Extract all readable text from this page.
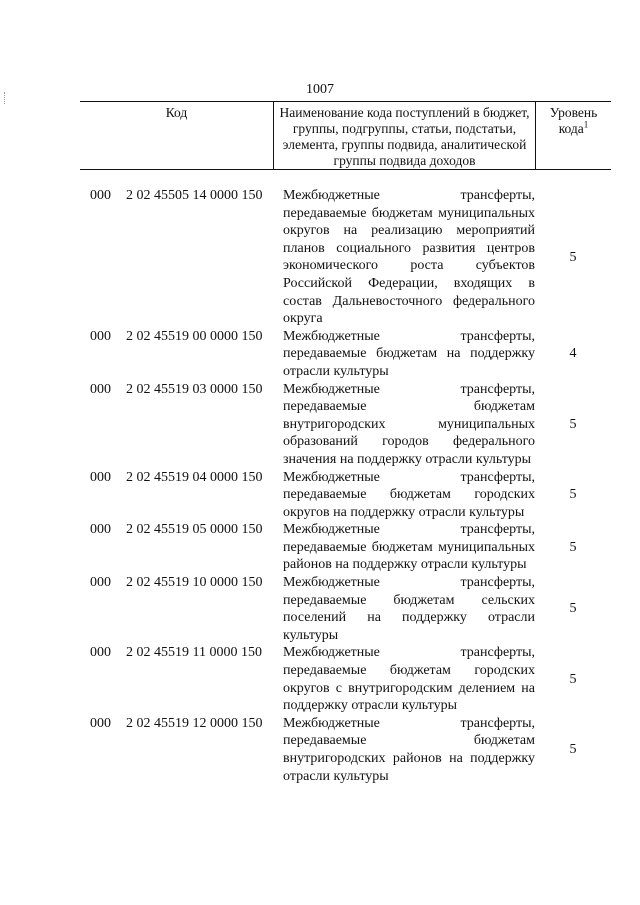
1007
Код	Наименование кода поступлений в бюджет, группы, подгруппы, статьи, подстатьи, элемента, группы подвида, аналитической группы подвида доходов
Уровень кода$^1$
000	2 02 45505 14 0000 150	Межбюджетные трансферты, передаваемые бюджетам муниципальных округов на реализацию мероприятий планов социального развития центров экономического роста субъектов Российской Федерации, входящих в состав Дальневосточного федерального округа
5
000	2 02 45519 00 0000 150	Межбюджетные трансферты, передаваемые бюджетам на поддержку отрасли культуры
4
000	2 02 45519 03 0000 150	Межбюджетные трансферты, передаваемые бюджетам внутригородских муниципальных образований городов федерального значения на поддержку отрасли культуры
5
000	2 02 45519 04 0000 150	Межбюджетные трансферты, передаваемые бюджетам городских округов на поддержку отрасли культуры
5
000	2 02 45519 05 0000 150	Межбюджетные трансферты, передаваемые бюджетам муниципальных районов на поддержку отрасли культуры
5
000	2 02 45519 10 0000 150	Межбюджетные трансферты, передаваемые бюджетам сельских поселений на поддержку отрасли культуры
5
000	2 02 45519 11 0000 150	Межбюджетные трансферты, передаваемые бюджетам городских округов с внутригородским делением на поддержку отрасли культуры
5
000	2 02 45519 12 0000 150	Межбюджетные трансферты, передаваемые бюджетам внутригородских районов на поддержку отрасли культуры
5
